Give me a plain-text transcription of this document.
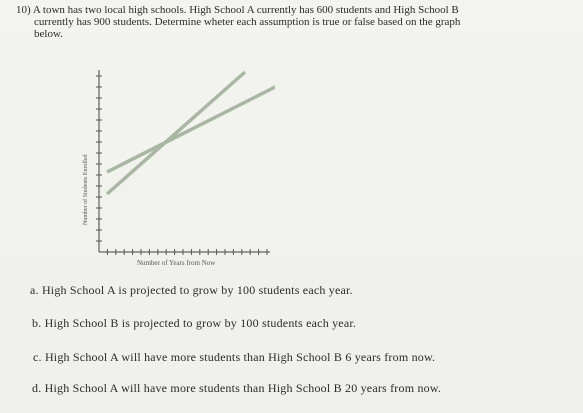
10) A town has two local high schools. High School A currently has 600 students and High School B
currently has 900 students. Determine wheter each assumption is true or false based on the graph
below.
Number of Students Enrolled
Number of Years from Now
a. High School A is projected to grow by 100 students each year.
b. High School B is projected to grow by 100 students each year.
c. High School A will have more students than High School B 6 years from now.
d. High School A will have more students than High School B 20 years from now.
